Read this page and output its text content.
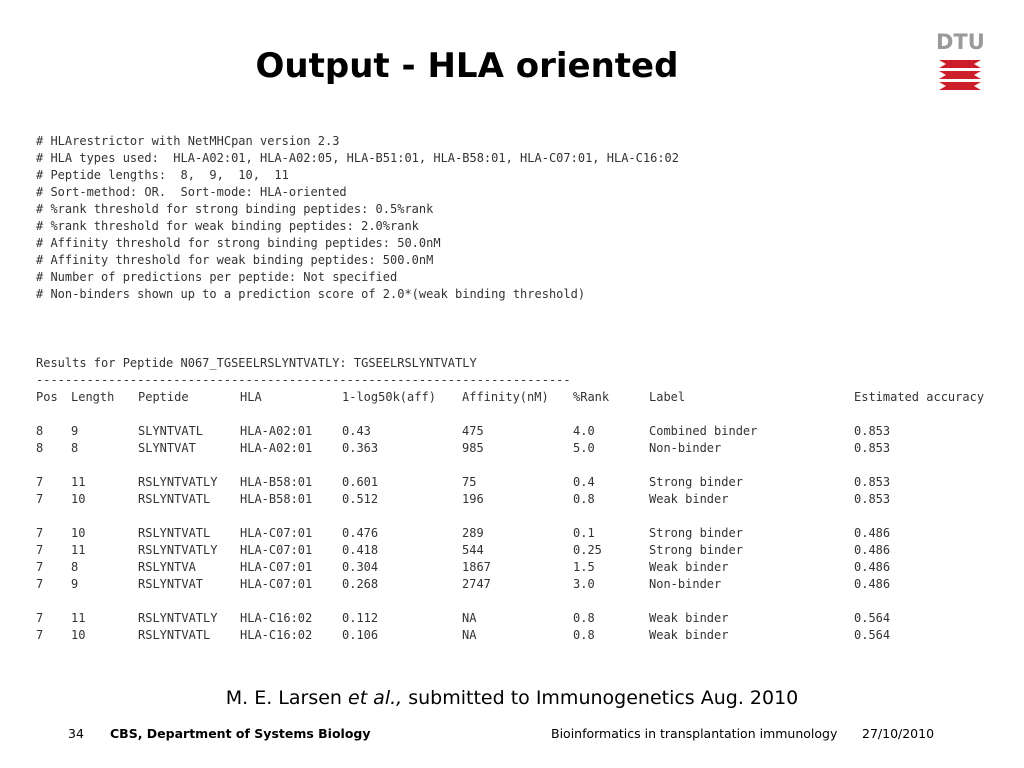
Output - HLA oriented
DTU
# HLArestrictor with NetMHCpan version 2.3
# HLA types used:  HLA-A02:01, HLA-A02:05, HLA-B51:01, HLA-B58:01, HLA-C07:01, HLA-C16:02
# Peptide lengths:  8,  9,  10,  11
# Sort-method: OR.  Sort-mode: HLA-oriented
# %rank threshold for strong binding peptides: 0.5%rank
# %rank threshold for weak binding peptides: 2.0%rank
# Affinity threshold for strong binding peptides: 50.0nM
# Affinity threshold for weak binding peptides: 500.0nM
# Number of predictions per peptide: Not specified
# Non-binders shown up to a prediction score of 2.0*(weak binding threshold)
Results for Peptide N067_TGSEELRSLYNTVATLY: TGSEELRSLYNTVATLY
--------------------------------------------------------------------------
Pos	Length	Peptide	HLA	1-log50k(aff)	Affinity(nM)	%Rank	Label	Estimated accuracy

8	9	SLYNTVATL	HLA-A02:01	0.43	475	4.0	Combined binder	0.853
8	8	SLYNTVAT	HLA-A02:01	0.363	985	5.0	Non-binder	0.853

7	11	RSLYNTVATLY	HLA-B58:01	0.601	75	0.4	Strong binder	0.853
7	10	RSLYNTVATL	HLA-B58:01	0.512	196	0.8	Weak binder	0.853

7	10	RSLYNTVATL	HLA-C07:01	0.476	289	0.1	Strong binder	0.486
7	11	RSLYNTVATLY	HLA-C07:01	0.418	544	0.25	Strong binder	0.486
7	8	RSLYNTVA	HLA-C07:01	0.304	1867	1.5	Weak binder	0.486
7	9	RSLYNTVAT	HLA-C07:01	0.268	2747	3.0	Non-binder	0.486

7	11	RSLYNTVATLY	HLA-C16:02	0.112	NA	0.8	Weak binder	0.564
7	10	RSLYNTVATL	HLA-C16:02	0.106	NA	0.8	Weak binder	0.564
M. E. Larsen et al., submitted to Immunogenetics Aug. 2010
34 CBS, Department of Systems Biology	Bioinformatics in transplantation immunology 27/10/2010
